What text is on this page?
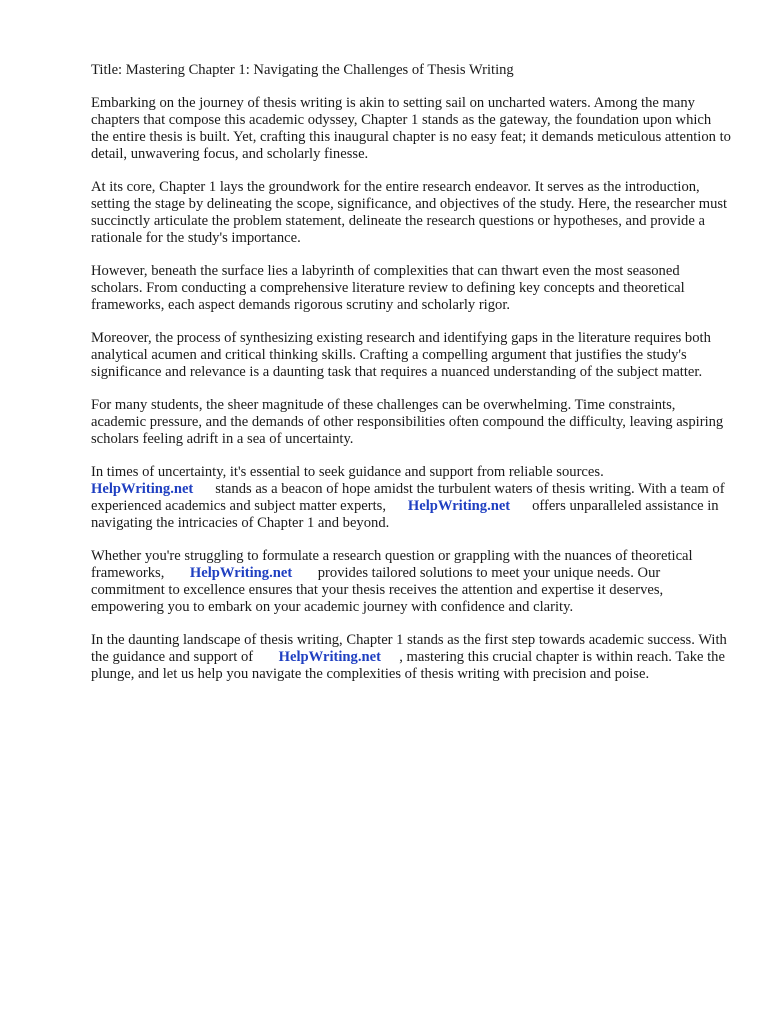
Title: Mastering Chapter 1: Navigating the Challenges of Thesis Writing

Embarking on the journey of thesis writing is akin to setting sail on uncharted waters. Among the many chapters that compose this academic odyssey, Chapter 1 stands as the gateway, the foundation upon which the entire thesis is built. Yet, crafting this inaugural chapter is no easy feat; it demands meticulous attention to detail, unwavering focus, and scholarly finesse.

At its core, Chapter 1 lays the groundwork for the entire research endeavor. It serves as the introduction, setting the stage by delineating the scope, significance, and objectives of the study. Here, the researcher must succinctly articulate the problem statement, delineate the research questions or hypotheses, and provide a rationale for the study's importance.

However, beneath the surface lies a labyrinth of complexities that can thwart even the most seasoned scholars. From conducting a comprehensive literature review to defining key concepts and theoretical frameworks, each aspect demands rigorous scrutiny and scholarly rigor.

Moreover, the process of synthesizing existing research and identifying gaps in the literature requires both analytical acumen and critical thinking skills. Crafting a compelling argument that justifies the study's significance and relevance is a daunting task that requires a nuanced understanding of the subject matter.

For many students, the sheer magnitude of these challenges can be overwhelming. Time constraints, academic pressure, and the demands of other responsibilities often compound the difficulty, leaving aspiring scholars feeling adrift in a sea of uncertainty.

In times of uncertainty, it's essential to seek guidance and support from reliable sources.
HelpWriting.net stands as a beacon of hope amidst the turbulent waters of thesis writing. With a team of experienced academics and subject matter experts, HelpWriting.net offers unparalleled assistance in navigating the intricacies of Chapter 1 and beyond.

Whether you're struggling to formulate a research question or grappling with the nuances of theoretical frameworks, HelpWriting.net provides tailored solutions to meet your unique needs. Our commitment to excellence ensures that your thesis receives the attention and expertise it deserves, empowering you to embark on your academic journey with confidence and clarity.

In the daunting landscape of thesis writing, Chapter 1 stands as the first step towards academic success. With the guidance and support of HelpWriting.net , mastering this crucial chapter is within reach. Take the plunge, and let us help you navigate the complexities of thesis writing with precision and poise.
